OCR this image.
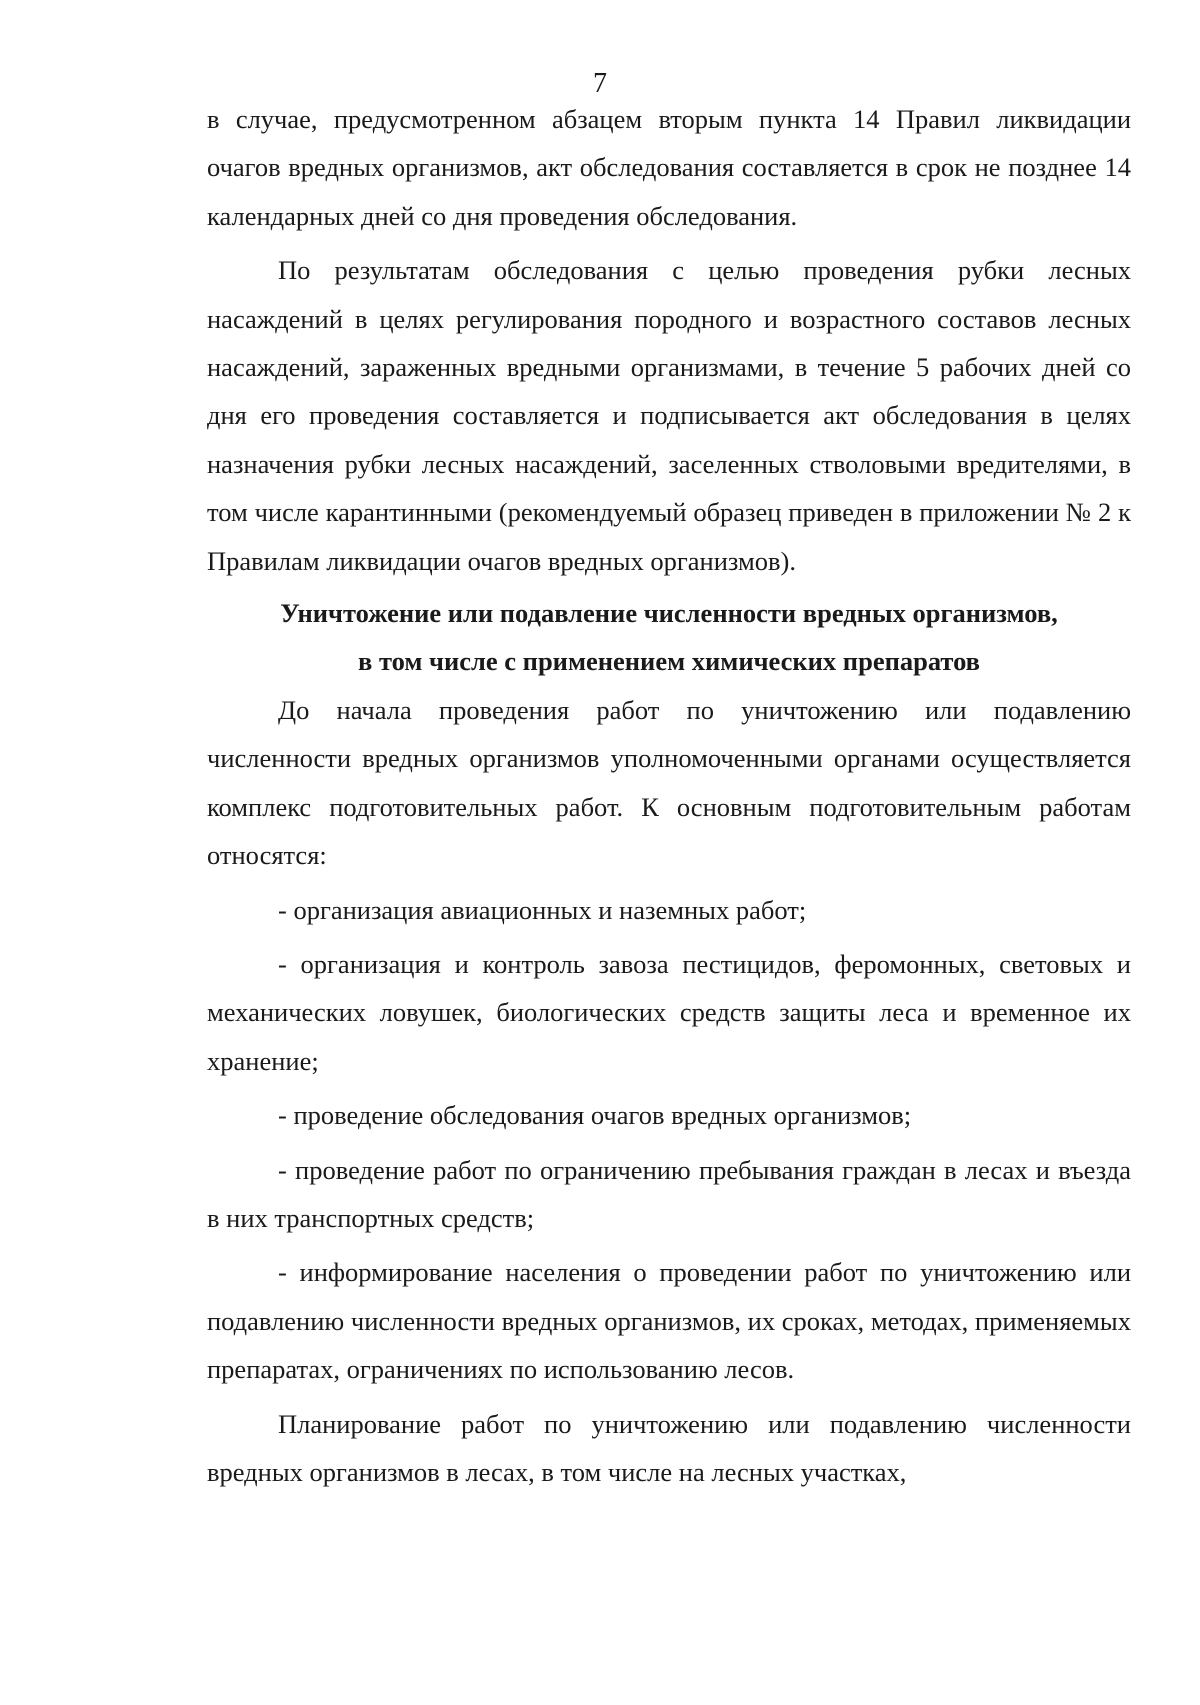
7

в случае, предусмотренном абзацем вторым пункта 14 Правил ликвидации очагов вредных организмов, акт обследования составляется в срок не позднее 14 календарных дней со дня проведения обследования.

По результатам обследования с целью проведения рубки лесных насаждений в целях регулирования породного и возрастного составов лесных насаждений, зараженных вредными организмами, в течение 5 рабочих дней со дня его проведения составляется и подписывается акт обследования в целях назначения рубки лесных насаждений, заселенных стволовыми вредителями, в том числе карантинными (рекомендуемый образец приведен в приложении № 2 к Правилам ликвидации очагов вредных организмов).

Уничтожение или подавление численности вредных организмов,
в том числе с применением химических препаратов

До начала проведения работ по уничтожению или подавлению численности вредных организмов уполномоченными органами осуществляется комплекс подготовительных работ. К основным подготовительным работам относятся:

- организация авиационных и наземных работ;

- организация и контроль завоза пестицидов, феромонных, световых и механических ловушек, биологических средств защиты леса и временное их хранение;

- проведение обследования очагов вредных организмов;

- проведение работ по ограничению пребывания граждан в лесах и въезда в них транспортных средств;

- информирование населения о проведении работ по уничтожению или подавлению численности вредных организмов, их сроках, методах, применяемых препаратах, ограничениях по использованию лесов.

Планирование работ по уничтожению или подавлению численности вредных организмов в лесах, в том числе на лесных участках,
